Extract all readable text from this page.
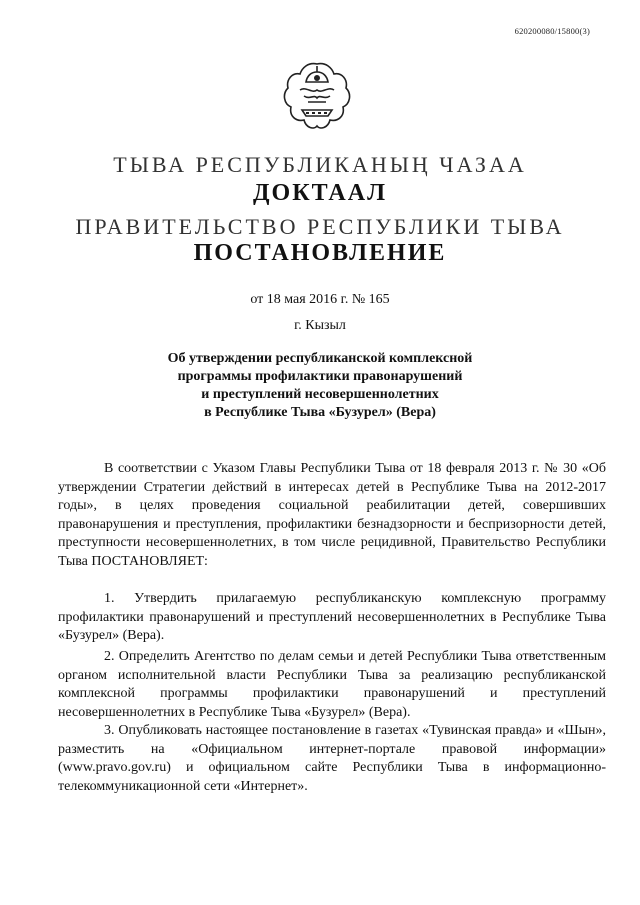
620200080/15800(3)
ТЫВА РЕСПУБЛИКАНЫҢ ЧАЗАА
ДОКТААЛ
ПРАВИТЕЛЬСТВО РЕСПУБЛИКИ ТЫВА
ПОСТАНОВЛЕНИЕ
от 18 мая 2016 г. № 165
г. Кызыл
Об утверждении республиканской комплексной
программы профилактики правонарушений
и преступлений несовершеннолетних
в Республике Тыва «Бузурел» (Вера)
В соответствии с Указом Главы Республики Тыва от 18 февраля 2013 г. № 30 «Об утверждении Стратегии действий в интересах детей в Республике Тыва на 2012-2017 годы», в целях проведения социальной реабилитации детей, совершивших правонарушения и преступления, профилактики безнадзорности и беспризорности детей, преступности несовершеннолетних, в том числе рецидивной, Правительство Республики Тыва ПОСТАНОВЛЯЕТ:
1. Утвердить прилагаемую республиканскую комплексную программу профилактики правонарушений и преступлений несовершеннолетних в Республике Тыва «Бузурел» (Вера).
2. Определить Агентство по делам семьи и детей Республики Тыва ответственным органом исполнительной власти Республики Тыва за реализацию республиканской комплексной программы профилактики правонарушений и преступлений несовершеннолетних в Республике Тыва «Бузурел» (Вера).
3. Опубликовать настоящее постановление в газетах «Тувинская правда» и «Шын», разместить на «Официальном интернет-портале правовой информации» (www.pravo.gov.ru) и официальном сайте Республики Тыва в информационно-телекоммуникационной сети «Интернет».
